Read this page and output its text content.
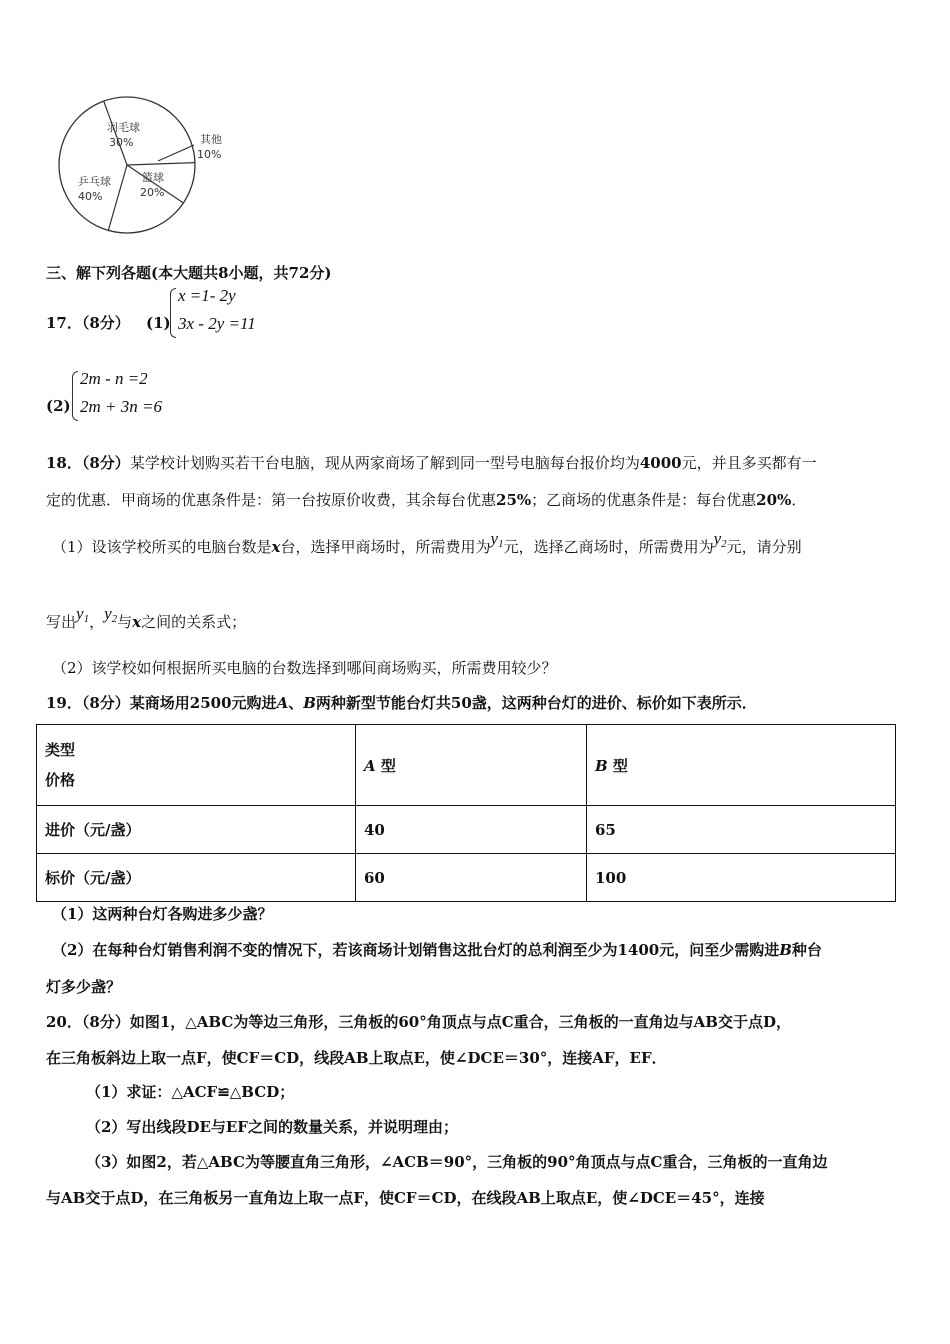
羽毛球
30%	其他
10%
篮球
20%
乒乓球
40%
三、解下列各题(本大题共8小题，共72分)
17．（8分） (1)
x =1- 2y
3x - 2y =11
(2)
2m - n =2
2m + 3n =6
18．（8分）某学校计划购买若干台电脑，现从两家商场了解到同一型号电脑每台报价均为4000元，并且多买都有一
定的优惠．甲商场的优惠条件是：第一台按原价收费，其余每台优惠25%；乙商场的优惠条件是：每台优惠20%．
（1）设该学校所买的电脑台数是x台，选择甲商场时，所需费用为$y_1$元，选择乙商场时，所需费用为$y_2$元，请分别
写出$y_1$，$y_2$与x之间的关系式；
（2）该学校如何根据所买电脑的台数选择到哪间商场购买，所需费用较少？
19．（8分）某商场用2500元购进A、B两种新型节能台灯共50盏，这两种台灯的进价、标价如下表所示．
类型
价格	A 型	B 型
进价（元/盏）	40	65
标价（元/盏）	60	100
（1）这两种台灯各购进多少盏？
（2）在每种台灯销售利润不变的情况下，若该商场计划销售这批台灯的总利润至少为1400元，问至少需购进B种台
灯多少盏？
20．（8分）如图1，△ABC为等边三角形，三角板的60°角顶点与点C重合，三角板的一直角边与AB交于点D，
在三角板斜边上取一点F，使CF＝CD，线段AB上取点E，使∠DCE＝30°，连接AF，EF．
（1）求证：△ACF≌△BCD；
（2）写出线段DE与EF之间的数量关系，并说明理由；
（3）如图2，若△ABC为等腰直角三角形，∠ACB＝90°，三角板的90°角顶点与点C重合，三角板的一直角边
与AB交于点D，在三角板另一直角边上取一点F，使CF＝CD，在线段AB上取点E，使∠DCE＝45°，连接
